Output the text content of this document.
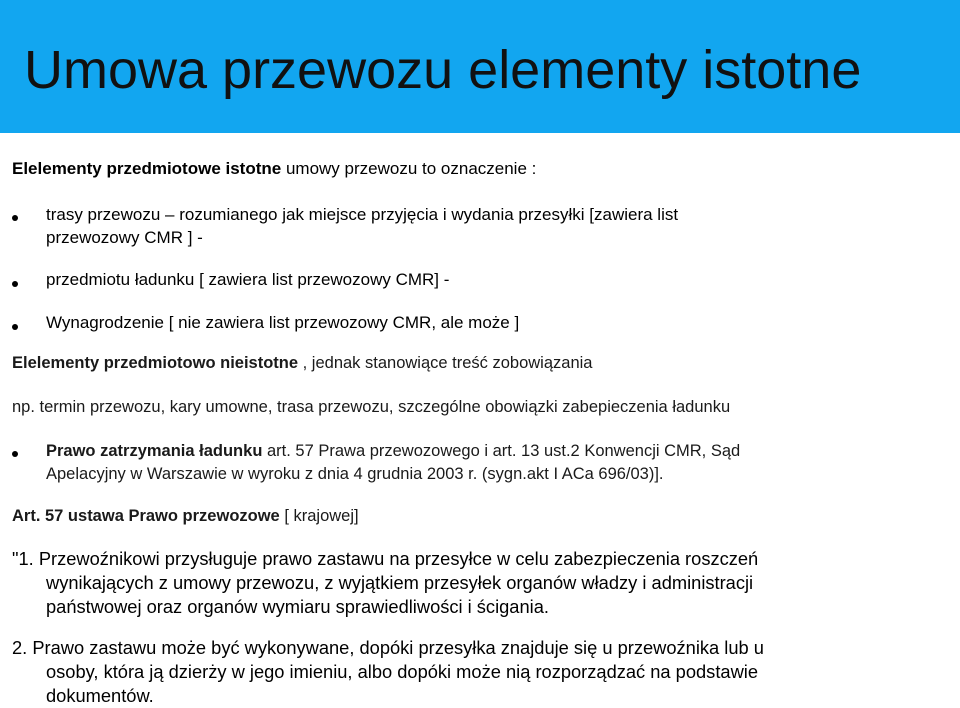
Umowa przewozu elementy istotne
Elelementy przedmiotowe istotne umowy przewozu to oznaczenie :
trasy przewozu – rozumianego jak miejsce przyjęcia i wydania przesyłki [zawiera list
przewozowy CMR ] -
przedmiotu ładunku [ zawiera list przewozowy CMR] -
Wynagrodzenie [ nie zawiera list przewozowy CMR, ale może ]
Elelementy przedmiotowo nieistotne , jednak stanowiące treść zobowiązania
np. termin przewozu, kary umowne, trasa przewozu, szczególne obowiązki zabepieczenia ładunku
Prawo zatrzymania ładunku art. 57 Prawa przewozowego i art. 13 ust.2 Konwencji CMR, Sąd
Apelacyjny w Warszawie w wyroku z dnia 4 grudnia 2003 r. (sygn.akt I ACa 696/03)].
Art. 57 ustawa Prawo przewozowe [ krajowej]
"1. Przewoźnikowi przysługuje prawo zastawu na przesyłce w celu zabezpieczenia roszczeń
wynikających z umowy przewozu, z wyjątkiem przesyłek organów władzy i administracji
państwowej oraz organów wymiaru sprawiedliwości i ścigania.
2. Prawo zastawu może być wykonywane, dopóki przesyłka znajduje się u przewoźnika lub u
osoby, która ją dzierży w jego imieniu, albo dopóki może nią rozporządzać na podstawie
dokumentów.
